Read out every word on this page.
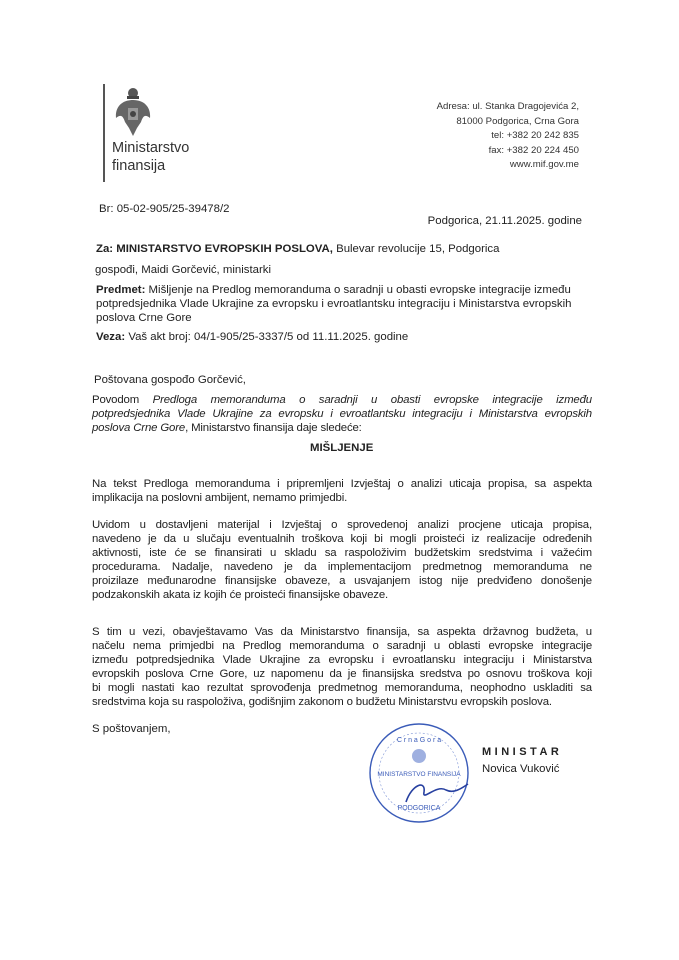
Ministarstvo
finansija
Adresa: ul. Stanka Dragojevića 2,
81000 Podgorica, Crna Gora
tel: +382 20 242 835
fax: +382 20 224 450
www.mif.gov.me
Br: 05-02-905/25-39478/2
Podgorica, 21.11.2025. godine
Za: MINISTARSTVO EVROPSKIH POSLOVA, Bulevar revolucije 15, Podgorica
gospođi, Maidi Gorčević, ministarki
Predmet: Mišljenje na Predlog memoranduma o saradnji u obasti evropske integracije između
potpredsjednika Vlade Ukrajine za evropsku i evroatlantsku integraciju i Ministarstva evropskih
poslova Crne Gore
Veza: Vaš akt broj: 04/1-905/25-3337/5 od 11.11.2025. godine
Poštovana gospođo Gorčević,
Povodom Predloga memoranduma o saradnji u obasti evropske integracije između
potpredsjednika Vlade Ukrajine za evropsku i evroatlantsku integraciju i Ministarstva evropskih
poslova Crne Gore, Ministarstvo finansija daje sledeće:
MIŠLJENJE
Na tekst Predloga memoranduma i pripremljeni Izvještaj o analizi uticaja propisa, sa aspekta
implikacija na poslovni ambijent, nemamo primjedbi.
Uvidom u dostavljeni materijal i Izvještaj o sprovedenoj analizi procjene uticaja propisa,
navedeno je da u slučaju eventualnih troškova koji bi mogli proisteći iz realizacije određenih
aktivnosti, iste će se finansirati u skladu sa raspoloživim budžetskim sredstvima i važećim
procedurama. Nadalje, navedeno je da implementacijom predmetnog memoranduma ne
proizilaze međunarodne finansijske obaveze, a usvajanjem istog nije predviđeno donošenje
podzakonskih akata iz kojih će proisteći finansijske obaveze.
S tim u vezi, obavještavamo Vas da Ministarstvo finansija, sa aspekta državnog budžeta, u
načelu nema primjedbi na Predlog memoranduma o saradnji u oblasti evropske integracije
između potpredsjednika Vlade Ukrajine za evropsku i evroatlansku integraciju i Ministarstva
evropskih poslova Crne Gore, uz napomenu da je finansijska sredstva po osnovu troškova koji
bi mogli nastati kao rezultat sprovođenja predmetnog memoranduma, neophodno uskladiti sa
sredstvima koja su raspoloživa, godišnjim zakonom o budžetu Ministarstvu evropskih poslova.
S poštovanjem,
C r n a G o r a
MINISTARSTVO FINANSIJA
PODGORICA
MINISTAR
Novica Vuković
